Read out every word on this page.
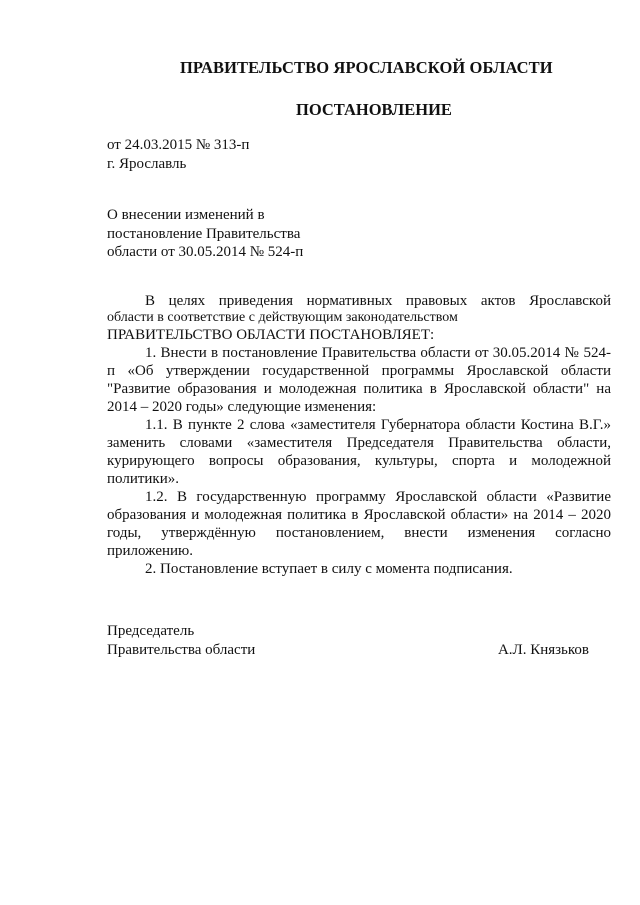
ПРАВИТЕЛЬСТВО ЯРОСЛАВСКОЙ ОБЛАСТИ
ПОСТАНОВЛЕНИЕ
от 24.03.2015 № 313-п
г. Ярославль
О внесении изменений в
постановление Правительства
области от 30.05.2014 № 524-п

В целях приведения нормативных правовых актов Ярославской

области в соответствие с действующим законодательством

ПРАВИТЕЛЬСТВО ОБЛАСТИ ПОСТАНОВЛЯЕТ:

1. Внести в постановление Правительства области от 30.05.2014 № 524-п «Об утверждении государственной программы Ярославской области "Развитие образования и молодежная политика в Ярославской области" на 2014 – 2020 годы» следующие изменения:

1.1. В пункте 2 слова «заместителя Губернатора области Костина В.Г.» заменить словами «заместителя Председателя Правительства области, курирующего вопросы образования, культуры, спорта и молодежной политики».

1.2. В государственную программу Ярославской области «Развитие образования и молодежная политика в Ярославской области» на 2014 – 2020 годы, утверждённую постановлением, внести изменения согласно приложению.

2. Постановление вступает в силу с момента подписания.

Председатель
Правительства области	А.Л. Князьков
